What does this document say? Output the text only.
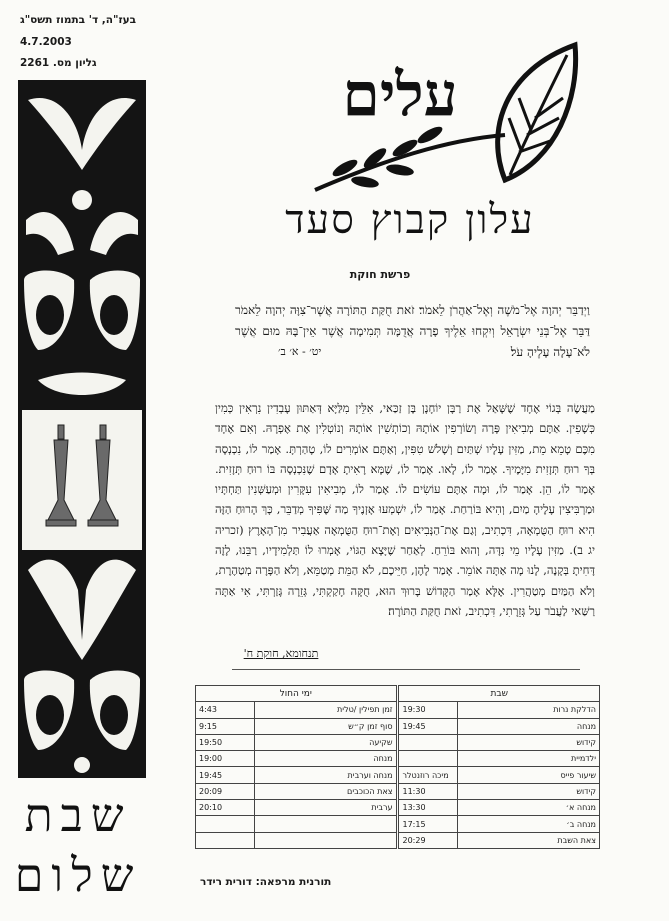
בעז"ה, ד' בתמוז תשס"ג
4.7.2003
גליון מס. 2261
שבת
שלום
עלים
עלון קבוץ סעד
פרשת חוקת
וַיְדַבֵּר יְהוָה אֶל־מֹשֶׁה וְאֶל־אַהֲרֹן לֵאמֹר׃ זֹאת חֻקַּת הַתּוֹרָה אֲשֶׁר־צִוָּה יְהוָה לֵאמֹר דַּבֵּר אֶל־בְּנֵי יִשְׂרָאֵל וְיִקְחוּ אֵלֶיךָ פָרָה אֲדֻמָּה תְּמִימָה אֲשֶׁר אֵין־בָּהּ מוּם אֲשֶׁר לֹא־עָלָה עָלֶיהָ עֹל׃
יט׳ - א׳ ב׳
מַעֲשֶׂה בְּגוֹי אֶחָד שֶׁשָּׁאַל אֶת רַבָּן יוֹחָנָן בֶּן זַכַּאי, אִלֵּין מִלַּיָּא דְּאַתּוּן עָבְדִין נִרְאִין כְּמִין כְּשָׁפִין. אַתֶּם מְבִיאִין פָּרָה וְשׂוֹרְפִין אוֹתָהּ וְכוֹתְשִׁין אוֹתָהּ וְנוֹטְלִין אֶת אֶפְרָהּ. וְאִם אֶחָד מִכֶּם טָמֵא מֵת, מַזִּין עָלָיו שְׁתַּיִם וְשָׁלֹשׁ טִפִּין, וְאַתֶּם אוֹמְרִים לוֹ, טָהַרְתָּ. אָמַר לוֹ, נִכְנְסָה בְּךָ רוּחַ תְּזָזִית מִיָּמֶיךָ. אָמַר לוֹ, לָאו. אָמַר לוֹ, שֶׁמָּא רָאִיתָ אָדָם שֶׁנִּכְנְסָה בּוֹ רוּחַ תְּזָזִית. אָמַר לוֹ, הֵן. אָמַר לוֹ, וּמָה אַתֶּם עוֹשִׂים לוֹ. אָמַר לוֹ, מְבִיאִין עִקָּרִין וּמְעַשְּׁנִין תַּחְתָּיו וּמַרְבִּיצִין עָלֶיהָ מַיִם, וְהִיא בּוֹרַחַת. אָמַר לוֹ, יִשְׁמְעוּ אָזְנֶיךָ מַה שֶּׁפִּיךָ מְדַבֵּר, כָּךְ הָרוּחַ הַזֶּה הִיא רוּחַ הַטֻּמְאָה, דִּכְתִיב, וְגַם אֶת־הַנְּבִיאִים וְאֶת־רוּחַ הַטֻּמְאָה אַעֲבִיר מִן־הָאָרֶץ (זכריה יג ב). מַזִּין עָלָיו מֵי נִדָּה, וְהוּא בּוֹרֵחַ. לְאַחַר שֶׁיָּצָא הַגּוֹי, אָמְרוּ לוֹ תַּלְמִידָיו, רַבֵּנוּ, לָזֶה דָּחִיתָ בְּקָנֶה, לָנוּ מָה אַתָּה אוֹמֵר. אָמַר לָהֶן, חַיֵּיכֶם, לֹא הַמֵּת מְטַמֵּא, וְלֹא הַפָּרָה מְטַהֶרֶת, וְלֹא הַמַּיִם מְטַהֲרִין. אֶלָּא אָמַר הַקָּדוֹשׁ בָּרוּךְ הוּא, חֻקָּה חָקַקְתִּי, גְּזֵרָה גָּזַרְתִּי, אִי אַתָּה רַשַּׁאי לַעֲבֹר עַל גְּזֵרָתִי, דִּכְתִיב, זֹאת חֻקַּת הַתּוֹרָה׃
תנחומא, חוקת ח'
שבת			ימי החול	
הדלקת נרות	19:30		זמן תפילין /טלית	4:43
מנחה	19:45		סוף זמן ק״ש	9:15
קידוש			שקיעה	19:50
ילדמיית			מנחה	19:00
שיעור פייס	מיכה רוזנטלר		מנחה וערבית	19:45
קידוש	11:30		צאת הכוכבים	20:09
מנחה א׳	13:30		ערבית	20:10
מנחה ב׳	17:15			
צאת השבת	20:29			
תורנית מרפאה: דורית רידר
